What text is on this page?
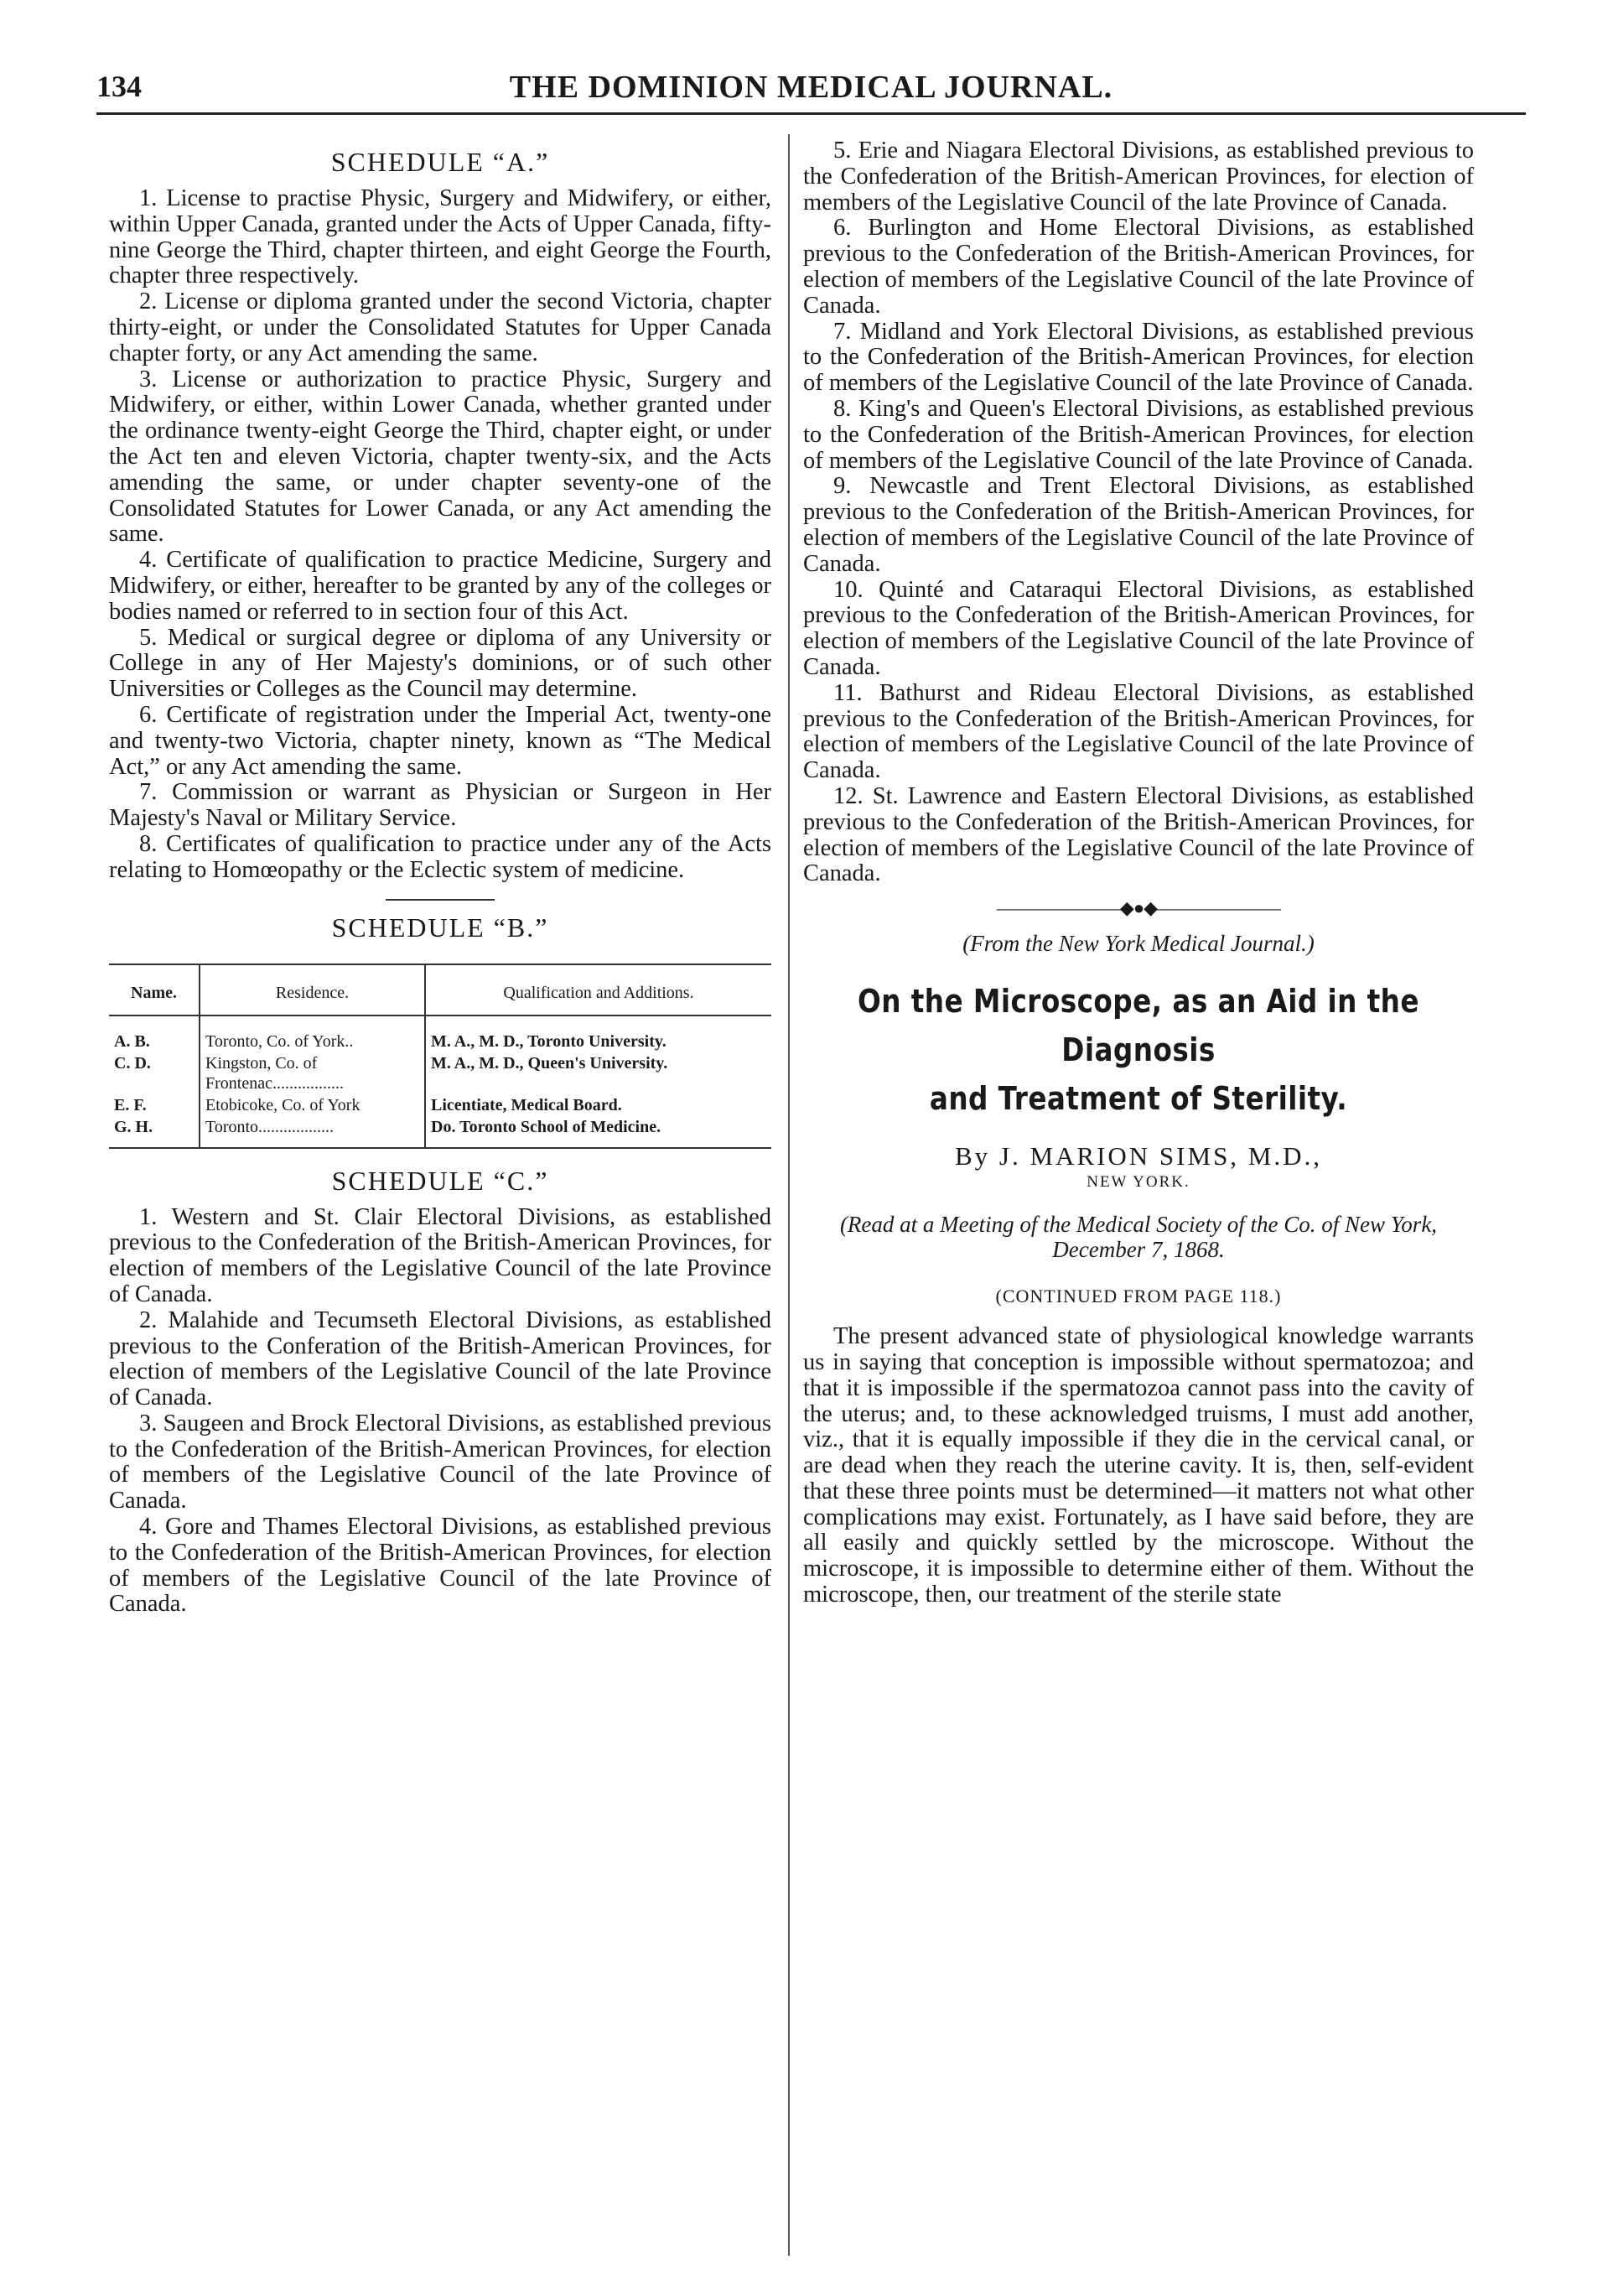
134	THE DOMINION MEDICAL JOURNAL.
SCHEDULE “A.”

1. License to practise Physic, Surgery and Midwifery, or either, within Upper Canada, granted under the Acts of Upper Canada, fifty-nine George the Third, chapter thirteen, and eight George the Fourth, chapter three respectively.

2. License or diploma granted under the second Victoria, chapter thirty-eight, or under the Consolidated Statutes for Upper Canada chapter forty, or any Act amending the same.

3. License or authorization to practice Physic, Surgery and Midwifery, or either, within Lower Canada, whether granted under the ordinance twenty-eight George the Third, chapter eight, or under the Act ten and eleven Victoria, chapter twenty-six, and the Acts amending the same, or under chapter seventy-one of the Consolidated Statutes for Lower Canada, or any Act amending the same.

4. Certificate of qualification to practice Medicine, Surgery and Midwifery, or either, hereafter to be granted by any of the colleges or bodies named or referred to in section four of this Act.

5. Medical or surgical degree or diploma of any University or College in any of Her Majesty's dominions, or of such other Universities or Colleges as the Council may determine.

6. Certificate of registration under the Imperial Act, twenty-one and twenty-two Victoria, chapter ninety, known as “The Medical Act,” or any Act amending the same.

7. Commission or warrant as Physician or Surgeon in Her Majesty's Naval or Military Service.

8. Certificates of qualification to practice under any of the Acts relating to Homœopathy or the Eclectic system of medicine.

SCHEDULE “B.”
Name.	Residence.	Qualification and Additions.
A. B.	Toronto, Co. of York..	M. A., M. D., Toronto University.
C. D.	Kingston, Co. of Frontenac.................	M. A., M. D., Queen's University.
E. F.	Etobicoke, Co. of York	Licentiate, Medical Board.
G. H.	Toronto..................	Do. Toronto School of Medicine.
SCHEDULE “C.”

1. Western and St. Clair Electoral Divisions, as established previous to the Confederation of the British-American Provinces, for election of members of the Legislative Council of the late Province of Canada.

2. Malahide and Tecumseth Electoral Divisions, as established previous to the Conferation of the British-American Provinces, for election of members of the Legislative Council of the late Province of Canada.

3. Saugeen and Brock Electoral Divisions, as established previous to the Confederation of the British-American Provinces, for election of members of the Legislative Council of the late Province of Canada.

4. Gore and Thames Electoral Divisions, as established previous to the Confederation of the British-American Provinces, for election of members of the Legislative Council of the late Province of Canada.

5. Erie and Niagara Electoral Divisions, as established previous to the Confederation of the British-American Provinces, for election of members of the Legislative Council of the late Province of Canada.

6. Burlington and Home Electoral Divisions, as established previous to the Confederation of the British-American Provinces, for election of members of the Legislative Council of the late Province of Canada.

7. Midland and York Electoral Divisions, as established previous to the Confederation of the British-American Provinces, for election of members of the Legislative Council of the late Province of Canada.

8. King's and Queen's Electoral Divisions, as established previous to the Confederation of the British-American Provinces, for election of members of the Legislative Council of the late Province of Canada.

9. Newcastle and Trent Electoral Divisions, as established previous to the Confederation of the British-American Provinces, for election of members of the Legislative Council of the late Province of Canada.

10. Quinté and Cataraqui Electoral Divisions, as established previous to the Confederation of the British-American Provinces, for election of members of the Legislative Council of the late Province of Canada.

11. Bathurst and Rideau Electoral Divisions, as established previous to the Confederation of the British-American Provinces, for election of members of the Legislative Council of the late Province of Canada.

12. St. Lawrence and Eastern Electoral Divisions, as established previous to the Confederation of the British-American Provinces, for election of members of the Legislative Council of the late Province of Canada.

———————◆●◆———————
(From the New York Medical Journal.)
On the Microscope, as an Aid in the Diagnosis
and Treatment of Sterility.
By J. MARION SIMS, M.D.,
NEW YORK.
(Read at a Meeting of the Medical Society of the Co. of New York, December 7, 1868.
(CONTINUED FROM PAGE 118.)

The present advanced state of physiological knowledge warrants us in saying that conception is impossible without spermatozoa; and that it is impossible if the spermatozoa cannot pass into the cavity of the uterus; and, to these acknowledged truisms, I must add another, viz., that it is equally impossible if they die in the cervical canal, or are dead when they reach the uterine cavity. It is, then, self-evident that these three points must be determined—it matters not what other complications may exist. Fortunately, as I have said before, they are all easily and quickly settled by the microscope. Without the microscope, it is impossible to determine either of them. Without the microscope, then, our treatment of the sterile state
